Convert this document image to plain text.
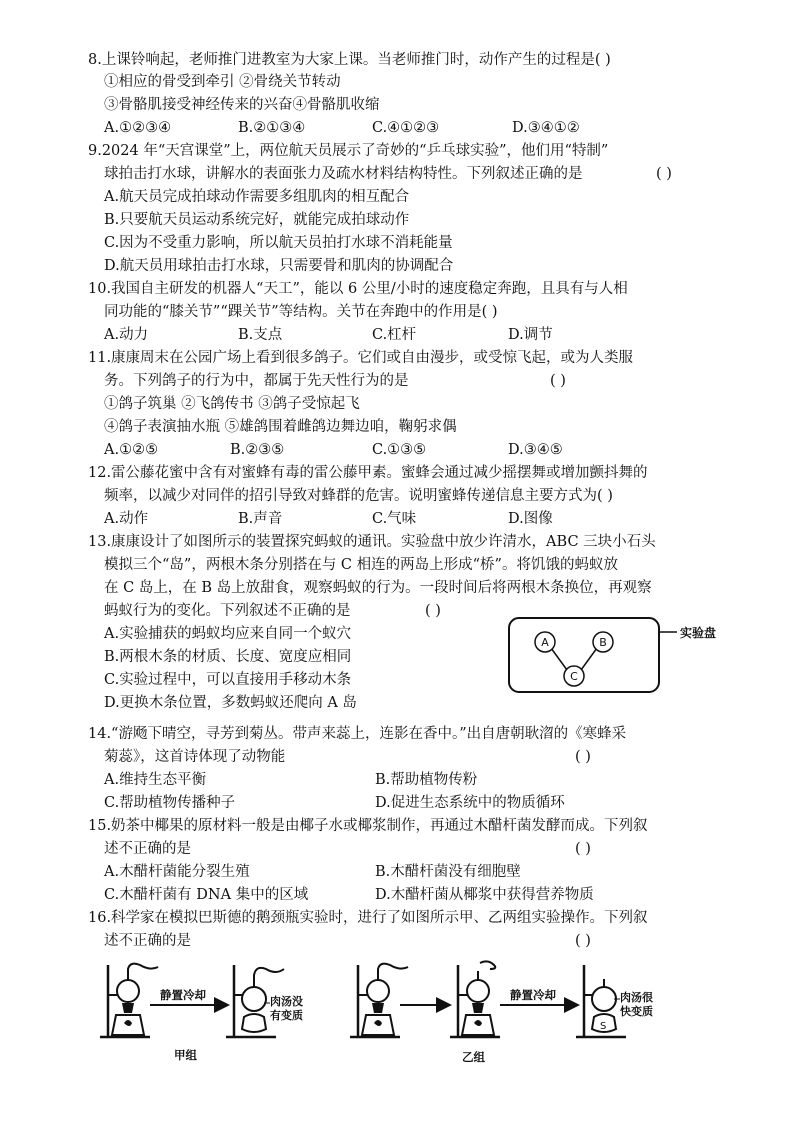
8.上课铃响起，老师推门进教室为大家上课。当老师推门时，动作产生的过程是( )
①相应的骨受到牵引 ②骨绕关节转动
③骨骼肌接受神经传来的兴奋④骨骼肌收缩
A.①②③④	B.②①③④	C.④①②③	D.③④①②
9.2024 年“天宫课堂”上，两位航天员展示了奇妙的“乒乓球实验”，他们用“特制”
球拍击打水球，讲解水的表面张力及疏水材料结构特性。下列叙述正确的是	( )
A.航天员完成拍球动作需要多组肌肉的相互配合
B.只要航天员运动系统完好，就能完成拍球动作
C.因为不受重力影响，所以航天员拍打水球不消耗能量
D.航天员用球拍击打水球，只需要骨和肌肉的协调配合
10.我国自主研发的机器人“天工”，能以 6 公里/小时的速度稳定奔跑，且具有与人相
同功能的“膝关节”“踝关节”等结构。关节在奔跑中的作用是( )
A.动力	B.支点	C.杠杆	D.调节
11.康康周末在公园广场上看到很多鸽子。它们或自由漫步，或受惊飞起，或为人类服
务。下列鸽子的行为中，都属于先天性行为的是	( )
①鸽子筑巢 ②飞鸽传书 ③鸽子受惊起飞
④鸽子表演抽水瓶 ⑤雄鸽围着雌鸽边舞边咱，鞠躬求偶
A.①②⑤	B.②③⑤	C.①③⑤	D.③④⑤
12.雷公藤花蜜中含有对蜜蜂有毒的雷公藤甲素。蜜蜂会通过减少摇摆舞或增加颤抖舞的
频率，以减少对同伴的招引导致对蜂群的危害。说明蜜蜂传递信息主要方式为( )
A.动作	B.声音	C.气味	D.图像
13.康康设计了如图所示的装置探究蚂蚁的通讯。实验盘中放少许清水，ABC 三块小石头
模拟三个“岛”，两根木条分别搭在与 C 相连的两岛上形成“桥”。将饥饿的蚂蚁放
在 C 岛上，在 B 岛上放甜食，观察蚂蚁的行为。一段时间后将两根木条换位，再观察
蚂蚁行为的变化。下列叙述不正确的是	( )
A.实验捕获的蚂蚁均应来自同一个蚁穴
B.两根木条的材质、长度、宽度应相同
C.实验过程中，可以直接用手移动木条
D.更换木条位置，多数蚂蚁还爬向 A 岛
实验盘
A	B
C
14.“游飏下晴空，寻芳到菊丛。带声来蕊上，连影在香中。”出自唐朝耿㳷的《寒蜂采
菊蕊》，这首诗体现了动物能	( )
A.维持生态平衡	B.帮助植物传粉
C.帮助植物传播种子	D.促进生态系统中的物质循环
15.奶茶中椰果的原材料一般是由椰子水或椰浆制作，再通过木醋杆菌发酵而成。下列叙
述不正确的是	( )
A.木醋杆菌能分裂生殖	B.木醋杆菌没有细胞壁
C.木醋杆菌有 DNA 集中的区域	D.木醋杆菌从椰浆中获得营养物质
16.科学家在模拟巴斯德的鹅颈瓶实验时，进行了如图所示甲、乙两组实验操作。下列叙
述不正确的是	( )
静置冷却	肉汤没
有变质
甲组
静置冷却
S
肉汤很
快变质
乙组
